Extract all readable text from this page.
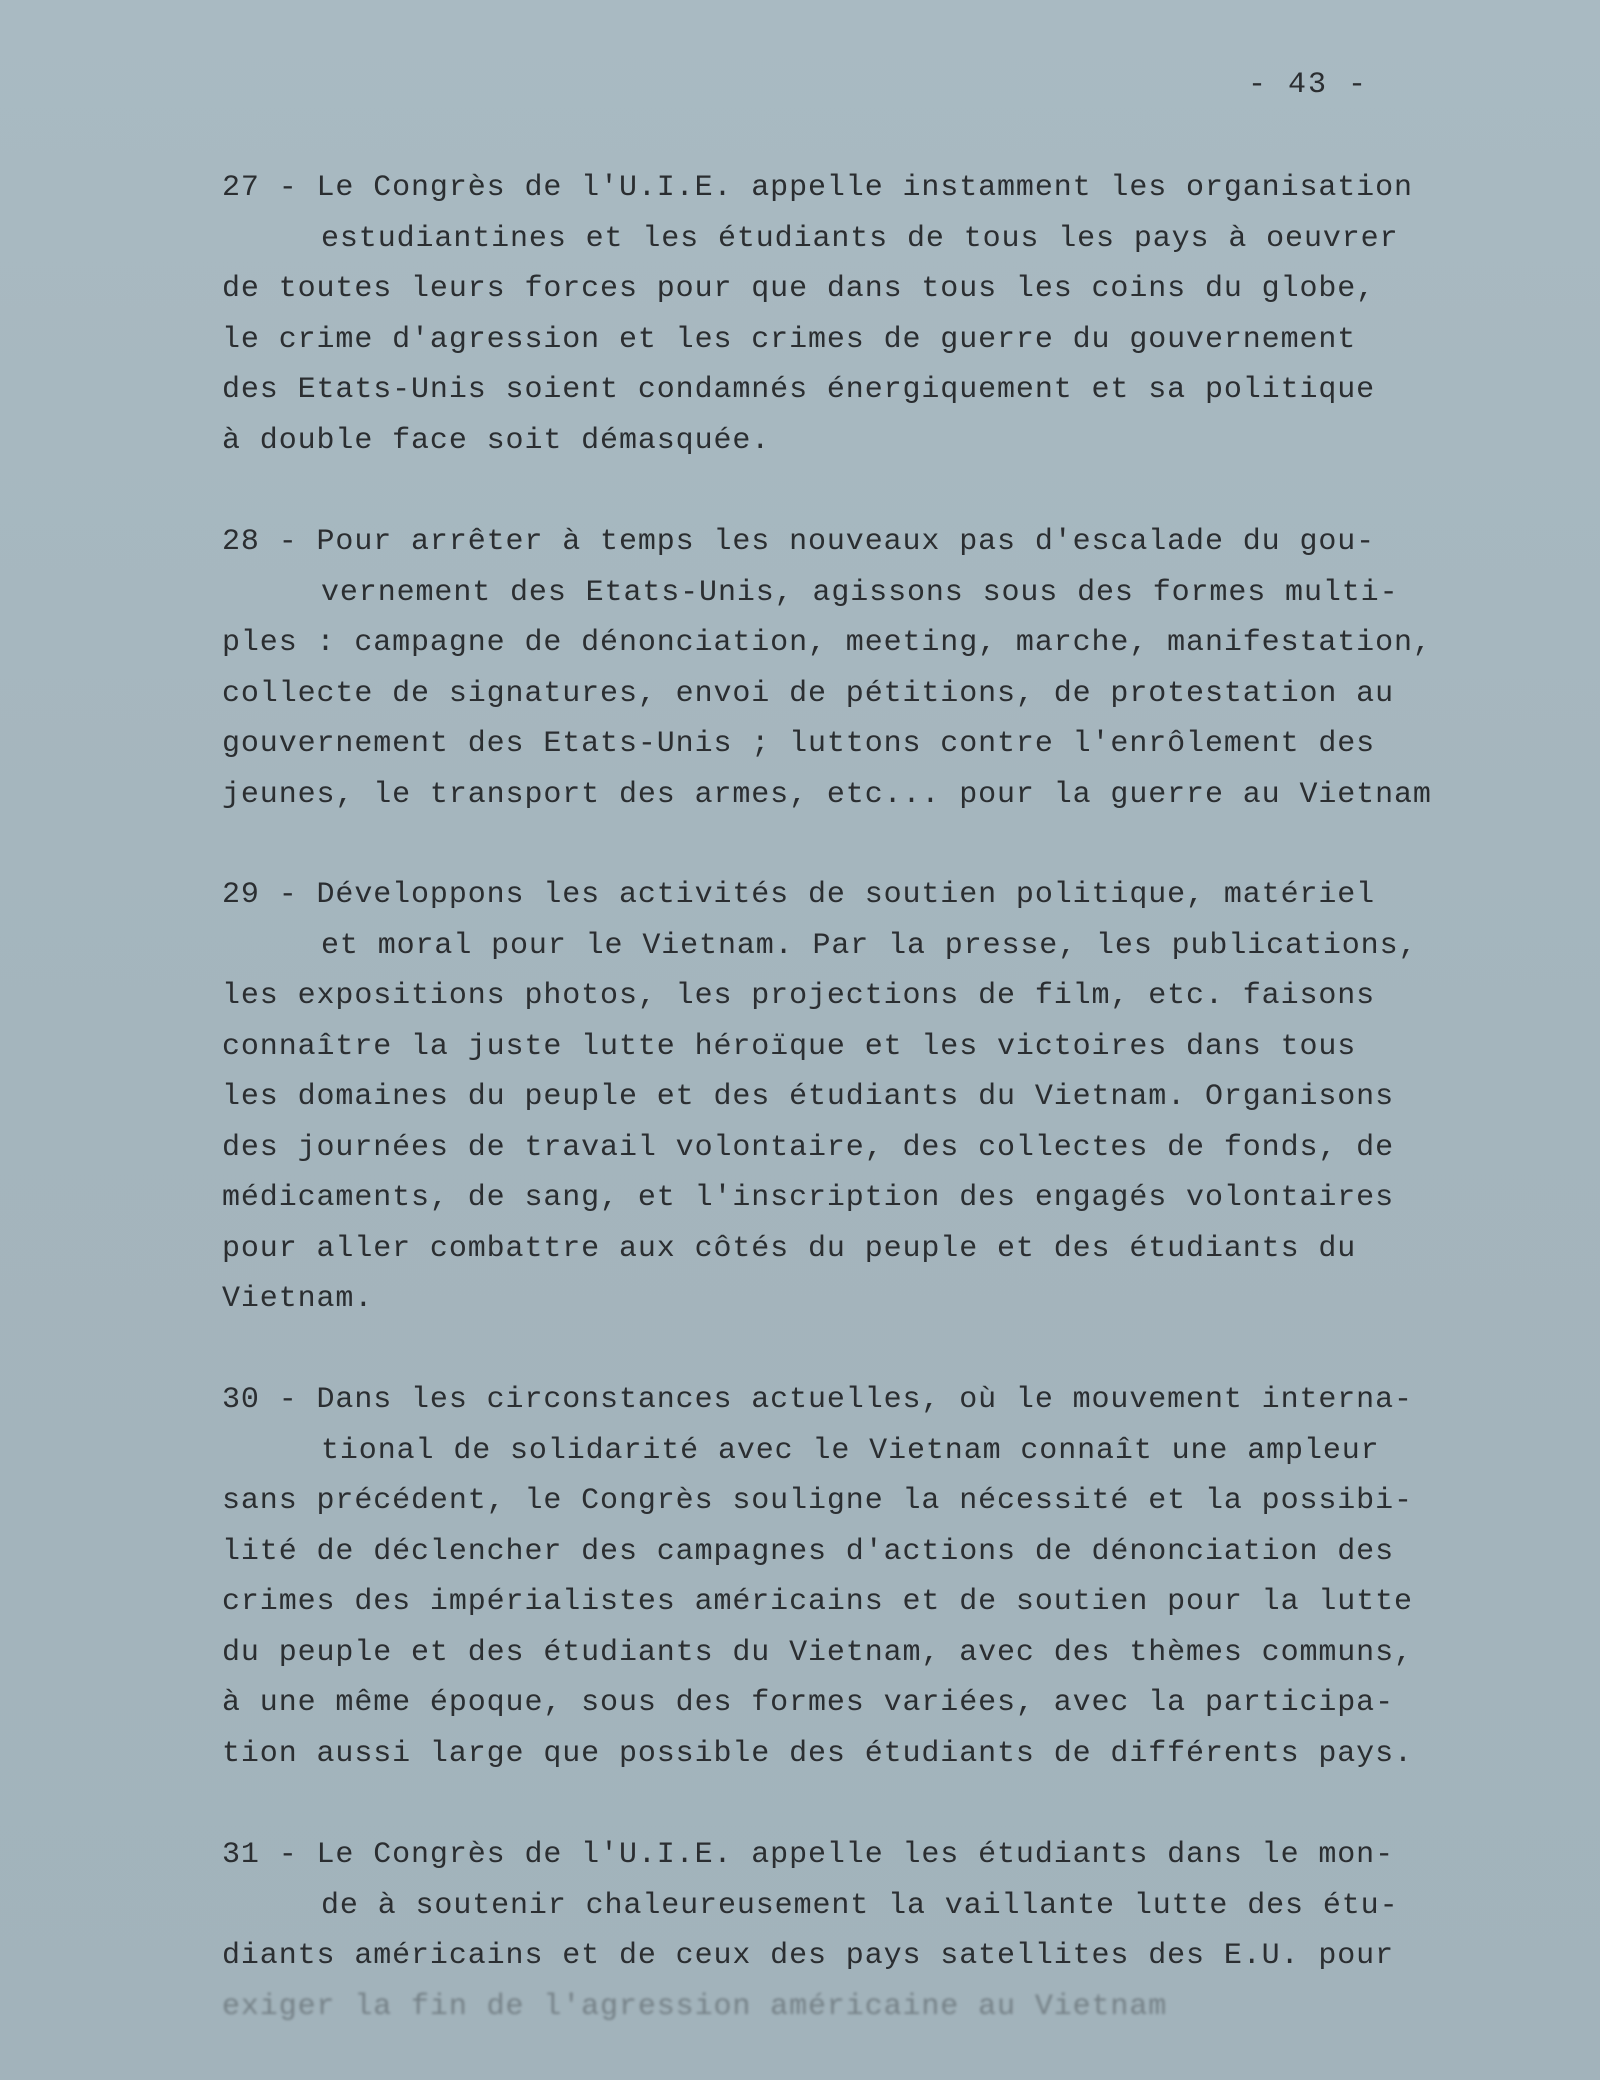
- 43 -
27 - Le Congrès de l'U.I.E. appelle instamment les organisation
estudiantines et les étudiants de tous les pays à oeuvrer
de toutes leurs forces pour que dans tous les coins du globe,
le crime d'agression et les crimes de guerre du gouvernement
des Etats-Unis soient condamnés énergiquement et sa politique
à double face soit démasquée.
28 - Pour arrêter à temps les nouveaux pas d'escalade du gou-
vernement des Etats-Unis, agissons sous des formes multi-
ples : campagne de dénonciation, meeting, marche, manifestation,
collecte de signatures, envoi de pétitions, de protestation au
gouvernement des Etats-Unis ; luttons contre l'enrôlement des
jeunes, le transport des armes, etc... pour la guerre au Vietnam
29 - Développons les activités de soutien politique, matériel
et moral pour le Vietnam. Par la presse, les publications,
les expositions photos, les projections de film, etc. faisons
connaître la juste lutte héroïque et les victoires dans tous
les domaines du peuple et des étudiants du Vietnam. Organisons
des journées de travail volontaire, des collectes de fonds, de
médicaments, de sang, et l'inscription des engagés volontaires
pour aller combattre aux côtés du peuple et des étudiants du
Vietnam.
30 - Dans les circonstances actuelles, où le mouvement interna-
tional de solidarité avec le Vietnam connaît une ampleur
sans précédent, le Congrès souligne la nécessité et la possibi-
lité de déclencher des campagnes d'actions de dénonciation des
crimes des impérialistes américains et de soutien pour la lutte
du peuple et des étudiants du Vietnam, avec des thèmes communs,
à une même époque, sous des formes variées, avec la participa-
tion aussi large que possible des étudiants de différents pays.
31 - Le Congrès de l'U.I.E. appelle les étudiants dans le mon-
de à soutenir chaleureusement la vaillante lutte des étu-
diants américains et de ceux des pays satellites des E.U. pour
exiger la fin de l'agression américaine au Vietnam
